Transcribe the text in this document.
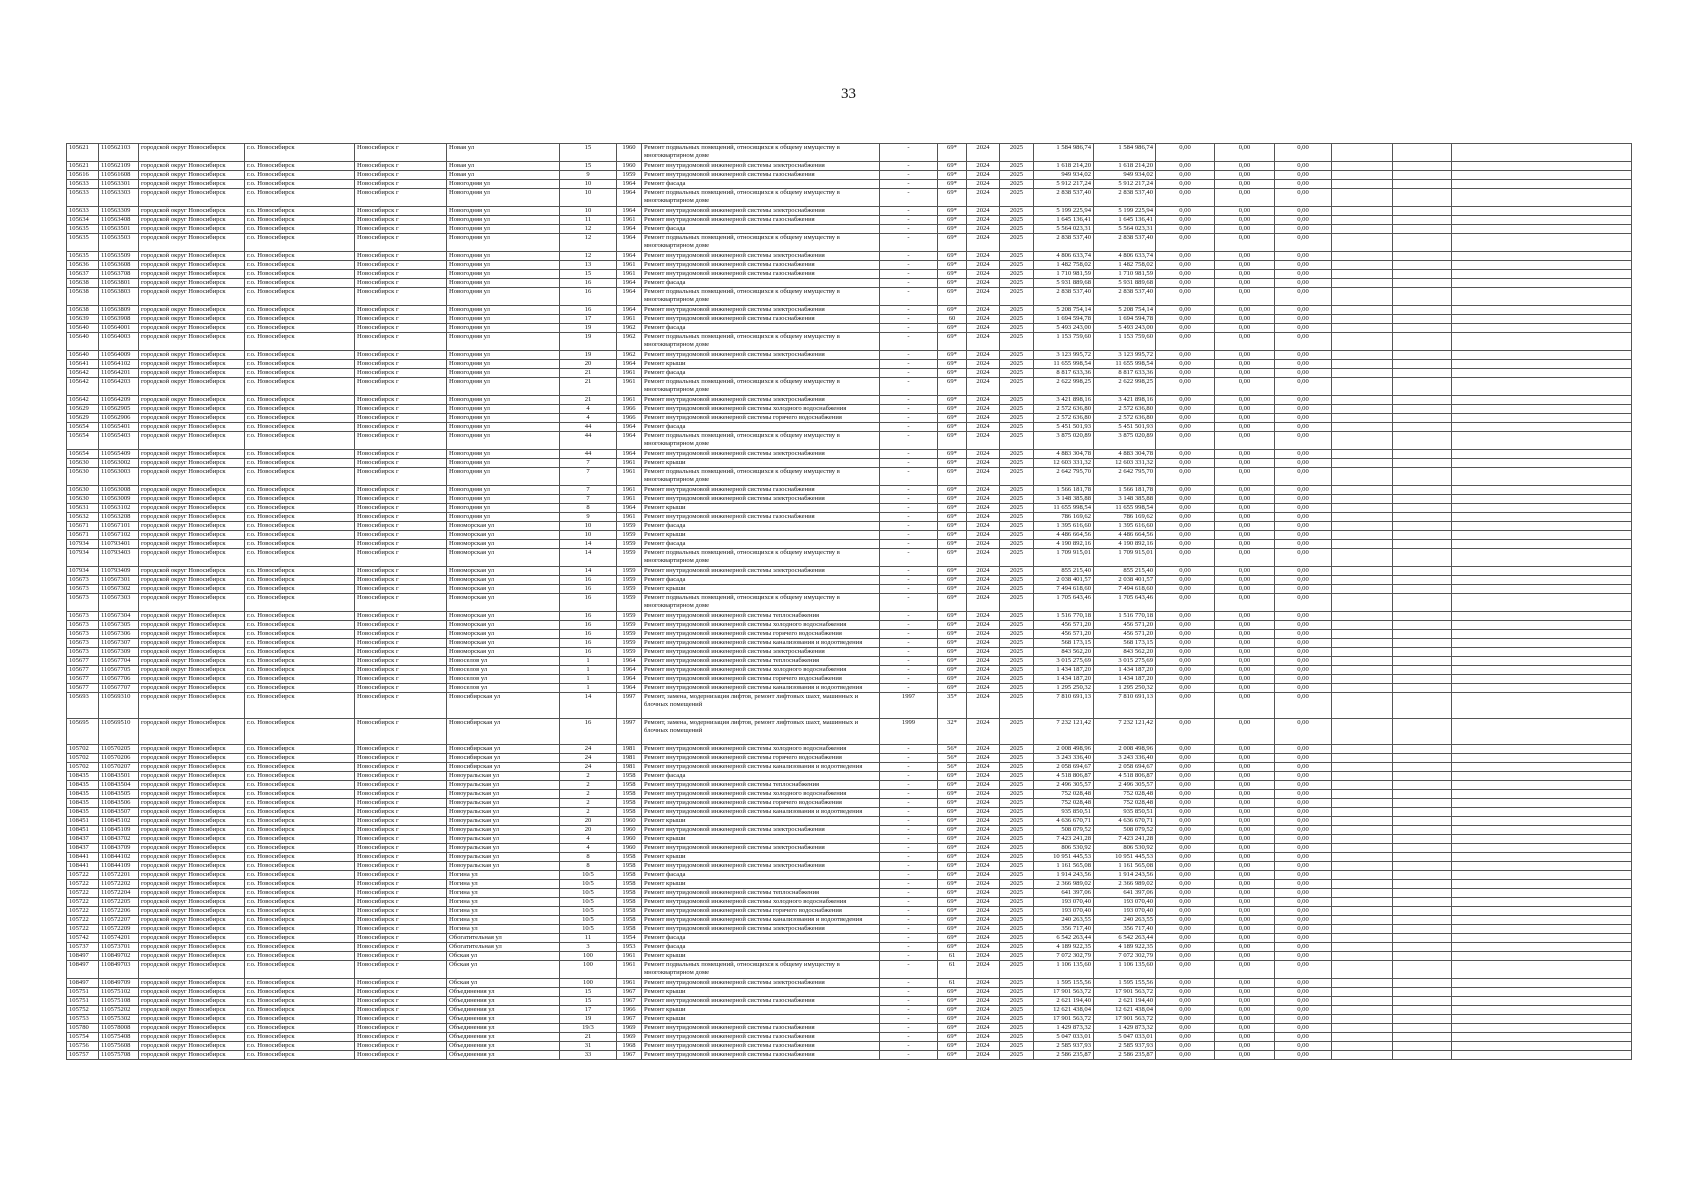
33
105621	110562103	городской округ Новосибирск	г.о. Новосибирск	Новосибирск г	Новая ул	15	1960	Ремонт подвальных помещений, относящихся к общему имуществу в многоквартирном доме	-	69*	2024	2025	1 584 986,74	1 584 986,74	0,00	0,00	0,00			
105621	110562109	городской округ Новосибирск	г.о. Новосибирск	Новосибирск г	Новая ул	15	1960	Ремонт внутридомовой инженерной системы электроснабжения	-	69*	2024	2025	1 618 214,20	1 618 214,20	0,00	0,00	0,00			
105616	110561608	городской округ Новосибирск	г.о. Новосибирск	Новосибирск г	Новая ул	9	1959	Ремонт внутридомовой инженерной системы газоснабжения	-	69*	2024	2025	949 934,02	949 934,02	0,00	0,00	0,00			
105633	110563301	городской округ Новосибирск	г.о. Новосибирск	Новосибирск г	Новогодняя ул	10	1964	Ремонт фасада	-	69*	2024	2025	5 912 217,24	5 912 217,24	0,00	0,00	0,00			
105633	110563303	городской округ Новосибирск	г.о. Новосибирск	Новосибирск г	Новогодняя ул	10	1964	Ремонт подвальных помещений, относящихся к общему имуществу в многоквартирном доме	-	69*	2024	2025	2 838 537,40	2 838 537,40	0,00	0,00	0,00			
105633	110563309	городской округ Новосибирск	г.о. Новосибирск	Новосибирск г	Новогодняя ул	10	1964	Ремонт внутридомовой инженерной системы электроснабжения	-	69*	2024	2025	5 199 225,94	5 199 225,94	0,00	0,00	0,00			
105634	110563408	городской округ Новосибирск	г.о. Новосибирск	Новосибирск г	Новогодняя ул	11	1961	Ремонт внутридомовой инженерной системы газоснабжения	-	69*	2024	2025	1 645 136,41	1 645 136,41	0,00	0,00	0,00			
105635	110563501	городской округ Новосибирск	г.о. Новосибирск	Новосибирск г	Новогодняя ул	12	1964	Ремонт фасада	-	69*	2024	2025	5 564 023,31	5 564 023,31	0,00	0,00	0,00			
105635	110563503	городской округ Новосибирск	г.о. Новосибирск	Новосибирск г	Новогодняя ул	12	1964	Ремонт подвальных помещений, относящихся к общему имуществу в многоквартирном доме	-	69*	2024	2025	2 838 537,40	2 838 537,40	0,00	0,00	0,00			
105635	110563509	городской округ Новосибирск	г.о. Новосибирск	Новосибирск г	Новогодняя ул	12	1964	Ремонт внутридомовой инженерной системы электроснабжения	-	69*	2024	2025	4 806 633,74	4 806 633,74	0,00	0,00	0,00			
105636	110563608	городской округ Новосибирск	г.о. Новосибирск	Новосибирск г	Новогодняя ул	13	1961	Ремонт внутридомовой инженерной системы газоснабжения	-	69*	2024	2025	1 482 758,02	1 482 758,02	0,00	0,00	0,00			
105637	110563708	городской округ Новосибирск	г.о. Новосибирск	Новосибирск г	Новогодняя ул	15	1961	Ремонт внутридомовой инженерной системы газоснабжения	-	69*	2024	2025	1 710 981,59	1 710 981,59	0,00	0,00	0,00			
105638	110563801	городской округ Новосибирск	г.о. Новосибирск	Новосибирск г	Новогодняя ул	16	1964	Ремонт фасада	-	69*	2024	2025	5 931 889,68	5 931 889,68	0,00	0,00	0,00			
105638	110563803	городской округ Новосибирск	г.о. Новосибирск	Новосибирск г	Новогодняя ул	16	1964	Ремонт подвальных помещений, относящихся к общему имуществу в многоквартирном доме	-	69*	2024	2025	2 838 537,40	2 838 537,40	0,00	0,00	0,00			
105638	110563809	городской округ Новосибирск	г.о. Новосибирск	Новосибирск г	Новогодняя ул	16	1964	Ремонт внутридомовой инженерной системы электроснабжения	-	69*	2024	2025	5 208 754,14	5 208 754,14	0,00	0,00	0,00			
105639	110563908	городской округ Новосибирск	г.о. Новосибирск	Новосибирск г	Новогодняя ул	17	1961	Ремонт внутридомовой инженерной системы газоснабжения	-	60	2024	2025	1 694 594,78	1 694 594,78	0,00	0,00	0,00			
105640	110564001	городской округ Новосибирск	г.о. Новосибирск	Новосибирск г	Новогодняя ул	19	1962	Ремонт фасада	-	69*	2024	2025	5 493 243,00	5 493 243,00	0,00	0,00	0,00			
105640	110564003	городской округ Новосибирск	г.о. Новосибирск	Новосибирск г	Новогодняя ул	19	1962	Ремонт подвальных помещений, относящихся к общему имуществу в многоквартирном доме	-	69*	2024	2025	1 153 759,60	1 153 759,60	0,00	0,00	0,00			
105640	110564009	городской округ Новосибирск	г.о. Новосибирск	Новосибирск г	Новогодняя ул	19	1962	Ремонт внутридомовой инженерной системы электроснабжения	-	69*	2024	2025	3 123 995,72	3 123 995,72	0,00	0,00	0,00			
105641	110564102	городской округ Новосибирск	г.о. Новосибирск	Новосибирск г	Новогодняя ул	20	1964	Ремонт крыши	-	69*	2024	2025	11 655 998,54	11 655 998,54	0,00	0,00	0,00			
105642	110564201	городской округ Новосибирск	г.о. Новосибирск	Новосибирск г	Новогодняя ул	21	1961	Ремонт фасада	-	69*	2024	2025	8 817 633,36	8 817 633,36	0,00	0,00	0,00			
105642	110564203	городской округ Новосибирск	г.о. Новосибирск	Новосибирск г	Новогодняя ул	21	1961	Ремонт подвальных помещений, относящихся к общему имуществу в многоквартирном доме	-	69*	2024	2025	2 622 998,25	2 622 998,25	0,00	0,00	0,00			
105642	110564209	городской округ Новосибирск	г.о. Новосибирск	Новосибирск г	Новогодняя ул	21	1961	Ремонт внутридомовой инженерной системы электроснабжения	-	69*	2024	2025	3 421 898,16	3 421 898,16	0,00	0,00	0,00			
105629	110562905	городской округ Новосибирск	г.о. Новосибирск	Новосибирск г	Новогодняя ул	4	1966	Ремонт внутридомовой инженерной системы холодного водоснабжения	-	69*	2024	2025	2 572 636,80	2 572 636,80	0,00	0,00	0,00			
105629	110562906	городской округ Новосибирск	г.о. Новосибирск	Новосибирск г	Новогодняя ул	4	1966	Ремонт внутридомовой инженерной системы горячего водоснабжения	-	69*	2024	2025	2 572 636,80	2 572 636,80	0,00	0,00	0,00			
105654	110565401	городской округ Новосибирск	г.о. Новосибирск	Новосибирск г	Новогодняя ул	44	1964	Ремонт фасада	-	69*	2024	2025	5 451 501,93	5 451 501,93	0,00	0,00	0,00			
105654	110565403	городской округ Новосибирск	г.о. Новосибирск	Новосибирск г	Новогодняя ул	44	1964	Ремонт подвальных помещений, относящихся к общему имуществу в многоквартирном доме	-	69*	2024	2025	3 875 020,89	3 875 020,89	0,00	0,00	0,00			
105654	110565409	городской округ Новосибирск	г.о. Новосибирск	Новосибирск г	Новогодняя ул	44	1964	Ремонт внутридомовой инженерной системы электроснабжения	-	69*	2024	2025	4 883 304,78	4 883 304,78	0,00	0,00	0,00			
105630	110563002	городской округ Новосибирск	г.о. Новосибирск	Новосибирск г	Новогодняя ул	7	1961	Ремонт крыши	-	69*	2024	2025	12 603 331,32	12 603 331,32	0,00	0,00	0,00			
105630	110563003	городской округ Новосибирск	г.о. Новосибирск	Новосибирск г	Новогодняя ул	7	1961	Ремонт подвальных помещений, относящихся к общему имуществу в многоквартирном доме	-	69*	2024	2025	2 642 795,70	2 642 795,70	0,00	0,00	0,00			
105630	110563008	городской округ Новосибирск	г.о. Новосибирск	Новосибирск г	Новогодняя ул	7	1961	Ремонт внутридомовой инженерной системы газоснабжения	-	69*	2024	2025	1 566 181,78	1 566 181,78	0,00	0,00	0,00			
105630	110563009	городской округ Новосибирск	г.о. Новосибирск	Новосибирск г	Новогодняя ул	7	1961	Ремонт внутридомовой инженерной системы электроснабжения	-	69*	2024	2025	3 148 385,88	3 148 385,88	0,00	0,00	0,00			
105631	110563102	городской округ Новосибирск	г.о. Новосибирск	Новосибирск г	Новогодняя ул	8	1964	Ремонт крыши	-	69*	2024	2025	11 655 998,54	11 655 998,54	0,00	0,00	0,00			
105632	110563208	городской округ Новосибирск	г.о. Новосибирск	Новосибирск г	Новогодняя ул	9	1961	Ремонт внутридомовой инженерной системы газоснабжения	-	69*	2024	2025	786 169,62	786 169,62	0,00	0,00	0,00			
105671	110567101	городской округ Новосибирск	г.о. Новосибирск	Новосибирск г	Новоморская ул	10	1959	Ремонт фасада	-	69*	2024	2025	1 395 616,60	1 395 616,60	0,00	0,00	0,00			
105671	110567102	городской округ Новосибирск	г.о. Новосибирск	Новосибирск г	Новоморская ул	10	1959	Ремонт крыши	-	69*	2024	2025	4 486 664,56	4 486 664,56	0,00	0,00	0,00			
107934	110793401	городской округ Новосибирск	г.о. Новосибирск	Новосибирск г	Новоморская ул	14	1959	Ремонт фасада	-	69*	2024	2025	4 190 892,16	4 190 892,16	0,00	0,00	0,00			
107934	110793403	городской округ Новосибирск	г.о. Новосибирск	Новосибирск г	Новоморская ул	14	1959	Ремонт подвальных помещений, относящихся к общему имуществу в многоквартирном доме	-	69*	2024	2025	1 709 915,01	1 709 915,01	0,00	0,00	0,00			
107934	110793409	городской округ Новосибирск	г.о. Новосибирск	Новосибирск г	Новоморская ул	14	1959	Ремонт внутридомовой инженерной системы электроснабжения	-	69*	2024	2025	855 215,40	855 215,40	0,00	0,00	0,00			
105673	110567301	городской округ Новосибирск	г.о. Новосибирск	Новосибирск г	Новоморская ул	16	1959	Ремонт фасада	-	69*	2024	2025	2 038 401,57	2 038 401,57	0,00	0,00	0,00			
105673	110567302	городской округ Новосибирск	г.о. Новосибирск	Новосибирск г	Новоморская ул	16	1959	Ремонт крыши	-	69*	2024	2025	7 494 618,60	7 494 618,60	0,00	0,00	0,00			
105673	110567303	городской округ Новосибирск	г.о. Новосибирск	Новосибирск г	Новоморская ул	16	1959	Ремонт подвальных помещений, относящихся к общему имуществу в многоквартирном доме	-	69*	2024	2025	1 705 643,46	1 705 643,46	0,00	0,00	0,00			
105673	110567304	городской округ Новосибирск	г.о. Новосибирск	Новосибирск г	Новоморская ул	16	1959	Ремонт внутридомовой инженерной системы теплоснабжения	-	69*	2024	2025	1 516 770,18	1 516 770,18	0,00	0,00	0,00			
105673	110567305	городской округ Новосибирск	г.о. Новосибирск	Новосибирск г	Новоморская ул	16	1959	Ремонт внутридомовой инженерной системы холодного водоснабжения	-	69*	2024	2025	456 571,20	456 571,20	0,00	0,00	0,00			
105673	110567306	городской округ Новосибирск	г.о. Новосибирск	Новосибирск г	Новоморская ул	16	1959	Ремонт внутридомовой инженерной системы горячего водоснабжения	-	69*	2024	2025	456 571,20	456 571,20	0,00	0,00	0,00			
105673	110567307	городской округ Новосибирск	г.о. Новосибирск	Новосибирск г	Новоморская ул	16	1959	Ремонт внутридомовой инженерной системы канализования и водоотведения	-	69*	2024	2025	568 173,15	568 173,15	0,00	0,00	0,00			
105673	110567309	городской округ Новосибирск	г.о. Новосибирск	Новосибирск г	Новоморская ул	16	1959	Ремонт внутридомовой инженерной системы электроснабжения	-	69*	2024	2025	843 562,20	843 562,20	0,00	0,00	0,00			
105677	110567704	городской округ Новосибирск	г.о. Новосибирск	Новосибирск г	Новоселов ул	1	1964	Ремонт внутридомовой инженерной системы теплоснабжения	-	69*	2024	2025	3 015 275,69	3 015 275,69	0,00	0,00	0,00			
105677	110567705	городской округ Новосибирск	г.о. Новосибирск	Новосибирск г	Новоселов ул	1	1964	Ремонт внутридомовой инженерной системы холодного водоснабжения	-	69*	2024	2025	1 434 187,20	1 434 187,20	0,00	0,00	0,00			
105677	110567706	городской округ Новосибирск	г.о. Новосибирск	Новосибирск г	Новоселов ул	1	1964	Ремонт внутридомовой инженерной системы горячего водоснабжения	-	69*	2024	2025	1 434 187,20	1 434 187,20	0,00	0,00	0,00			
105677	110567707	городской округ Новосибирск	г.о. Новосибирск	Новосибирск г	Новоселов ул	1	1964	Ремонт внутридомовой инженерной системы канализования и водоотведения	-	69*	2024	2025	1 295 250,32	1 295 250,32	0,00	0,00	0,00			
105693	110569310	городской округ Новосибирск	г.о. Новосибирск	Новосибирск г	Новосибирская ул	14	1997	Ремонт, замена, модернизация лифтов, ремонт лифтовых шахт, машинных и блочных помещений	1997	35*	2024	2025	7 810 691,13	7 810 691,13	0,00	0,00	0,00			
105695	110569510	городской округ Новосибирск	г.о. Новосибирск	Новосибирск г	Новосибирская ул	16	1997	Ремонт, замена, модернизация лифтов, ремонт лифтовых шахт, машинных и блочных помещений	1999	32*	2024	2025	7 232 121,42	7 232 121,42	0,00	0,00	0,00			
105702	110570205	городской округ Новосибирск	г.о. Новосибирск	Новосибирск г	Новосибирская ул	24	1981	Ремонт внутридомовой инженерной системы холодного водоснабжения	-	56*	2024	2025	2 008 498,96	2 008 498,96	0,00	0,00	0,00			
105702	110570206	городской округ Новосибирск	г.о. Новосибирск	Новосибирск г	Новосибирская ул	24	1981	Ремонт внутридомовой инженерной системы горячего водоснабжения	-	56*	2024	2025	3 243 336,40	3 243 336,40	0,00	0,00	0,00			
105702	110570207	городской округ Новосибирск	г.о. Новосибирск	Новосибирск г	Новосибирская ул	24	1981	Ремонт внутридомовой инженерной системы канализования и водоотведения	-	56*	2024	2025	2 058 694,67	2 058 694,67	0,00	0,00	0,00			
108435	110843501	городской округ Новосибирск	г.о. Новосибирск	Новосибирск г	Новоуральская ул	2	1958	Ремонт фасада	-	69*	2024	2025	4 518 806,87	4 518 806,87	0,00	0,00	0,00			
108435	110843504	городской округ Новосибирск	г.о. Новосибирск	Новосибирск г	Новоуральская ул	2	1958	Ремонт внутридомовой инженерной системы теплоснабжения	-	69*	2024	2025	2 496 305,57	2 496 305,57	0,00	0,00	0,00			
108435	110843505	городской округ Новосибирск	г.о. Новосибирск	Новосибирск г	Новоуральская ул	2	1958	Ремонт внутридомовой инженерной системы холодного водоснабжения	-	69*	2024	2025	752 028,48	752 028,48	0,00	0,00	0,00			
108435	110843506	городской округ Новосибирск	г.о. Новосибирск	Новосибирск г	Новоуральская ул	2	1958	Ремонт внутридомовой инженерной системы горячего водоснабжения	-	69*	2024	2025	752 028,48	752 028,48	0,00	0,00	0,00			
108435	110843507	городской округ Новосибирск	г.о. Новосибирск	Новосибирск г	Новоуральская ул	2	1958	Ремонт внутридомовой инженерной системы канализования и водоотведения	-	69*	2024	2025	935 850,51	935 850,51	0,00	0,00	0,00			
108451	110845102	городской округ Новосибирск	г.о. Новосибирск	Новосибирск г	Новоуральская ул	20	1960	Ремонт крыши	-	69*	2024	2025	4 636 670,71	4 636 670,71	0,00	0,00	0,00			
108451	110845109	городской округ Новосибирск	г.о. Новосибирск	Новосибирск г	Новоуральская ул	20	1960	Ремонт внутридомовой инженерной системы электроснабжения	-	69*	2024	2025	508 079,52	508 079,52	0,00	0,00	0,00			
108437	110843702	городской округ Новосибирск	г.о. Новосибирск	Новосибирск г	Новоуральская ул	4	1960	Ремонт крыши	-	69*	2024	2025	7 423 241,28	7 423 241,28	0,00	0,00	0,00			
108437	110843709	городской округ Новосибирск	г.о. Новосибирск	Новосибирск г	Новоуральская ул	4	1960	Ремонт внутридомовой инженерной системы электроснабжения	-	69*	2024	2025	806 530,92	806 530,92	0,00	0,00	0,00			
108441	110844102	городской округ Новосибирск	г.о. Новосибирск	Новосибирск г	Новоуральская ул	8	1958	Ремонт крыши	-	69*	2024	2025	10 951 445,53	10 951 445,53	0,00	0,00	0,00			
108441	110844109	городской округ Новосибирск	г.о. Новосибирск	Новосибирск г	Новоуральская ул	8	1958	Ремонт внутридомовой инженерной системы электроснабжения	-	69*	2024	2025	1 161 565,08	1 161 565,08	0,00	0,00	0,00			
105722	110572201	городской округ Новосибирск	г.о. Новосибирск	Новосибирск г	Ногина ул	10/5	1958	Ремонт фасада	-	69*	2024	2025	1 914 243,56	1 914 243,56	0,00	0,00	0,00			
105722	110572202	городской округ Новосибирск	г.о. Новосибирск	Новосибирск г	Ногина ул	10/5	1958	Ремонт крыши	-	69*	2024	2025	2 366 989,02	2 366 989,02	0,00	0,00	0,00			
105722	110572204	городской округ Новосибирск	г.о. Новосибирск	Новосибирск г	Ногина ул	10/5	1958	Ремонт внутридомовой инженерной системы теплоснабжения	-	69*	2024	2025	641 397,06	641 397,06	0,00	0,00	0,00			
105722	110572205	городской округ Новосибирск	г.о. Новосибирск	Новосибирск г	Ногина ул	10/5	1958	Ремонт внутридомовой инженерной системы холодного водоснабжения	-	69*	2024	2025	193 070,40	193 070,40	0,00	0,00	0,00			
105722	110572206	городской округ Новосибирск	г.о. Новосибирск	Новосибирск г	Ногина ул	10/5	1958	Ремонт внутридомовой инженерной системы горячего водоснабжения	-	69*	2024	2025	193 070,40	193 070,40	0,00	0,00	0,00			
105722	110572207	городской округ Новосибирск	г.о. Новосибирск	Новосибирск г	Ногина ул	10/5	1958	Ремонт внутридомовой инженерной системы канализования и водоотведения	-	69*	2024	2025	240 263,55	240 263,55	0,00	0,00	0,00			
105722	110572209	городской округ Новосибирск	г.о. Новосибирск	Новосибирск г	Ногина ул	10/5	1958	Ремонт внутридомовой инженерной системы электроснабжения	-	69*	2024	2025	356 717,40	356 717,40	0,00	0,00	0,00			
105742	110574201	городской округ Новосибирск	г.о. Новосибирск	Новосибирск г	Обогатительная ул	11	1954	Ремонт фасада	-	69*	2024	2025	6 542 263,44	6 542 263,44	0,00	0,00	0,00			
105737	110573701	городской округ Новосибирск	г.о. Новосибирск	Новосибирск г	Обогатительная ул	3	1953	Ремонт фасада	-	69*	2024	2025	4 189 922,35	4 189 922,35	0,00	0,00	0,00			
108497	110849702	городской округ Новосибирск	г.о. Новосибирск	Новосибирск г	Обская ул	100	1961	Ремонт крыши	-	61	2024	2025	7 072 302,79	7 072 302,79	0,00	0,00	0,00			
108497	110849703	городской округ Новосибирск	г.о. Новосибирск	Новосибирск г	Обская ул	100	1961	Ремонт подвальных помещений, относящихся к общему имуществу в многоквартирном доме	-	61	2024	2025	1 106 135,60	1 106 135,60	0,00	0,00	0,00			
108497	110849709	городской округ Новосибирск	г.о. Новосибирск	Новосибирск г	Обская ул	100	1961	Ремонт внутридомовой инженерной системы электроснабжения	-	61	2024	2025	1 595 155,56	1 595 155,56	0,00	0,00	0,00			
105751	110575102	городской округ Новосибирск	г.о. Новосибирск	Новосибирск г	Объединения ул	15	1967	Ремонт крыши	-	69*	2024	2025	17 901 563,72	17 901 563,72	0,00	0,00	0,00			
105751	110575108	городской округ Новосибирск	г.о. Новосибирск	Новосибирск г	Объединения ул	15	1967	Ремонт внутридомовой инженерной системы газоснабжения	-	69*	2024	2025	2 621 194,40	2 621 194,40	0,00	0,00	0,00			
105752	110575202	городской округ Новосибирск	г.о. Новосибирск	Новосибирск г	Объединения ул	17	1966	Ремонт крыши	-	69*	2024	2025	12 621 438,04	12 621 438,04	0,00	0,00	0,00			
105753	110575302	городской округ Новосибирск	г.о. Новосибирск	Новосибирск г	Объединения ул	19	1967	Ремонт крыши	-	69*	2024	2025	17 901 563,72	17 901 563,72	0,00	0,00	0,00			
105780	110578008	городской округ Новосибирск	г.о. Новосибирск	Новосибирск г	Объединения ул	19/3	1969	Ремонт внутридомовой инженерной системы газоснабжения	-	69*	2024	2025	1 429 873,32	1 429 873,32	0,00	0,00	0,00			
105754	110575408	городской округ Новосибирск	г.о. Новосибирск	Новосибирск г	Объединения ул	21	1969	Ремонт внутридомовой инженерной системы газоснабжения	-	69*	2024	2025	5 047 033,01	5 047 033,01	0,00	0,00	0,00			
105756	110575608	городской округ Новосибирск	г.о. Новосибирск	Новосибирск г	Объединения ул	31	1968	Ремонт внутридомовой инженерной системы газоснабжения	-	69*	2024	2025	2 585 937,93	2 585 937,93	0,00	0,00	0,00			
105757	110575708	городской округ Новосибирск	г.о. Новосибирск	Новосибирск г	Объединения ул	33	1967	Ремонт внутридомовой инженерной системы газоснабжения	-	69*	2024	2025	2 586 235,87	2 586 235,87	0,00	0,00	0,00			
